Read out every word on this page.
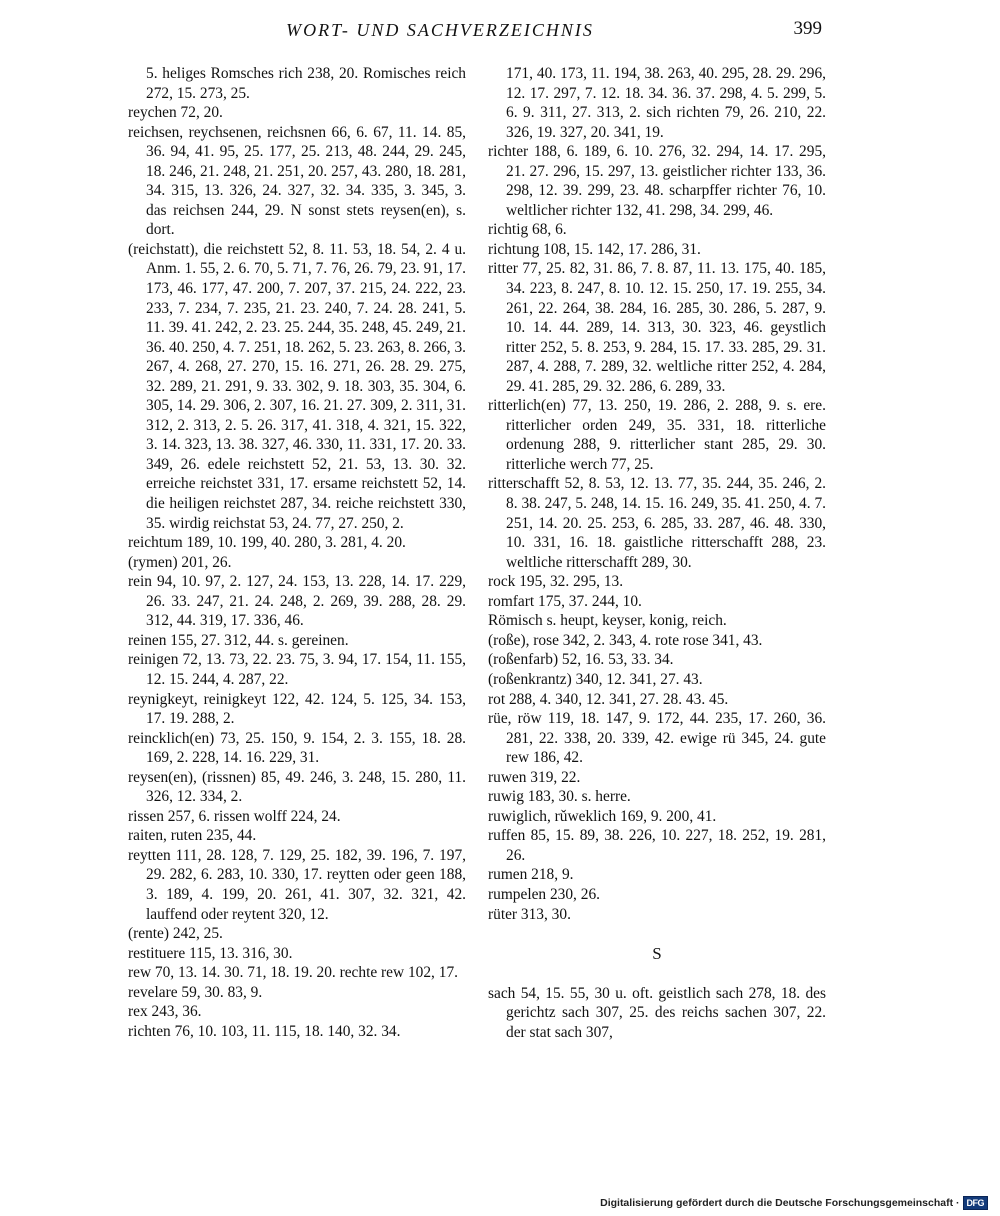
WORT- UND SACHVERZEICHNIS	399
5. heliges Romsches rich 238, 20. Romisches reich 272, 15. 273, 25.
reychen 72, 20.
reichsen, reychsenen, reichsnen 66, 6. 67, 11. 14. 85, 36. 94, 41. 95, 25. 177, 25. 213, 48. 244, 29. 245, 18. 246, 21. 248, 21. 251, 20. 257, 43. 280, 18. 281, 34. 315, 13. 326, 24. 327, 32. 34. 335, 3. 345, 3. das reichsen 244, 29. N sonst stets reysen(en), s. dort.
(reichstatt), die reichstett 52, 8. 11. 53, 18. 54, 2. 4 u. Anm. 1. 55, 2. 6. 70, 5. 71, 7. 76, 26. 79, 23. 91, 17. 173, 46. 177, 47. 200, 7. 207, 37. 215, 24. 222, 23. 233, 7. 234, 7. 235, 21. 23. 240, 7. 24. 28. 241, 5. 11. 39. 41. 242, 2. 23. 25. 244, 35. 248, 45. 249, 21. 36. 40. 250, 4. 7. 251, 18. 262, 5. 23. 263, 8. 266, 3. 267, 4. 268, 27. 270, 15. 16. 271, 26. 28. 29. 275, 32. 289, 21. 291, 9. 33. 302, 9. 18. 303, 35. 304, 6. 305, 14. 29. 306, 2. 307, 16. 21. 27. 309, 2. 311, 31. 312, 2. 313, 2. 5. 26. 317, 41. 318, 4. 321, 15. 322, 3. 14. 323, 13. 38. 327, 46. 330, 11. 331, 17. 20. 33. 349, 26. edele reichstett 52, 21. 53, 13. 30. 32. erreiche reichstet 331, 17. ersame reichstett 52, 14. die heiligen reichstet 287, 34. reiche reichstett 330, 35. wirdig reichstat 53, 24. 77, 27. 250, 2.
reichtum 189, 10. 199, 40. 280, 3. 281, 4. 20.
(rymen) 201, 26.
rein 94, 10. 97, 2. 127, 24. 153, 13. 228, 14. 17. 229, 26. 33. 247, 21. 24. 248, 2. 269, 39. 288, 28. 29. 312, 44. 319, 17. 336, 46.
reinen 155, 27. 312, 44. s. gereinen.
reinigen 72, 13. 73, 22. 23. 75, 3. 94, 17. 154, 11. 155, 12. 15. 244, 4. 287, 22.
reynigkeyt, reinigkeyt 122, 42. 124, 5. 125, 34. 153, 17. 19. 288, 2.
reincklich(en) 73, 25. 150, 9. 154, 2. 3. 155, 18. 28. 169, 2. 228, 14. 16. 229, 31.
reysen(en), (rissnen) 85, 49. 246, 3. 248, 15. 280, 11. 326, 12. 334, 2.
rissen 257, 6. rissen wolff 224, 24.
raiten, ruten 235, 44.
reytten 111, 28. 128, 7. 129, 25. 182, 39. 196, 7. 197, 29. 282, 6. 283, 10. 330, 17. reytten oder geen 188, 3. 189, 4. 199, 20. 261, 41. 307, 32. 321, 42. lauffend oder reytent 320, 12.
(rente) 242, 25.
restituere 115, 13. 316, 30.
rew 70, 13. 14. 30. 71, 18. 19. 20. rechte rew 102, 17.
revelare 59, 30. 83, 9.
rex 243, 36.
richten 76, 10. 103, 11. 115, 18. 140, 32. 34.
171, 40. 173, 11. 194, 38. 263, 40. 295, 28. 29. 296, 12. 17. 297, 7. 12. 18. 34. 36. 37. 298, 4. 5. 299, 5. 6. 9. 311, 27. 313, 2. sich richten 79, 26. 210, 22. 326, 19. 327, 20. 341, 19.
richter 188, 6. 189, 6. 10. 276, 32. 294, 14. 17. 295, 21. 27. 296, 15. 297, 13. geistlicher richter 133, 36. 298, 12. 39. 299, 23. 48. scharpffer richter 76, 10. weltlicher richter 132, 41. 298, 34. 299, 46.
richtig 68, 6.
richtung 108, 15. 142, 17. 286, 31.
ritter 77, 25. 82, 31. 86, 7. 8. 87, 11. 13. 175, 40. 185, 34. 223, 8. 247, 8. 10. 12. 15. 250, 17. 19. 255, 34. 261, 22. 264, 38. 284, 16. 285, 30. 286, 5. 287, 9. 10. 14. 44. 289, 14. 313, 30. 323, 46. geystlich ritter 252, 5. 8. 253, 9. 284, 15. 17. 33. 285, 29. 31. 287, 4. 288, 7. 289, 32. weltliche ritter 252, 4. 284, 29. 41. 285, 29. 32. 286, 6. 289, 33.
ritterlich(en) 77, 13. 250, 19. 286, 2. 288, 9. s. ere. ritterlicher orden 249, 35. 331, 18. ritterliche ordenung 288, 9. ritterlicher stant 285, 29. 30. ritterliche werch 77, 25.
ritterschafft 52, 8. 53, 12. 13. 77, 35. 244, 35. 246, 2. 8. 38. 247, 5. 248, 14. 15. 16. 249, 35. 41. 250, 4. 7. 251, 14. 20. 25. 253, 6. 285, 33. 287, 46. 48. 330, 10. 331, 16. 18. gaistliche ritterschafft 288, 23. weltliche ritterschafft 289, 30.
rock 195, 32. 295, 13.
romfart 175, 37. 244, 10.
Römisch s. heupt, keyser, konig, reich.
(roße), rose 342, 2. 343, 4. rote rose 341, 43.
(roßenfarb) 52, 16. 53, 33. 34.
(roßenkrantz) 340, 12. 341, 27. 43.
rot 288, 4. 340, 12. 341, 27. 28. 43. 45.
rüe, röw 119, 18. 147, 9. 172, 44. 235, 17. 260, 36. 281, 22. 338, 20. 339, 42. ewige rü 345, 24. gute rew 186, 42.
ruwen 319, 22.
ruwig 183, 30. s. herre.
ruwiglich, rǔweklich 169, 9. 200, 41.
ruffen 85, 15. 89, 38. 226, 10. 227, 18. 252, 19. 281, 26.
rumen 218, 9.
rumpelen 230, 26.
rüter 313, 30.
S
sach 54, 15. 55, 30 u. oft. geistlich sach 278, 18. des gerichtz sach 307, 25. des reichs sachen 307, 22. der stat sach 307,
Digitalisierung gefördert durch die Deutsche Forschungsgemeinschaft · DFG
